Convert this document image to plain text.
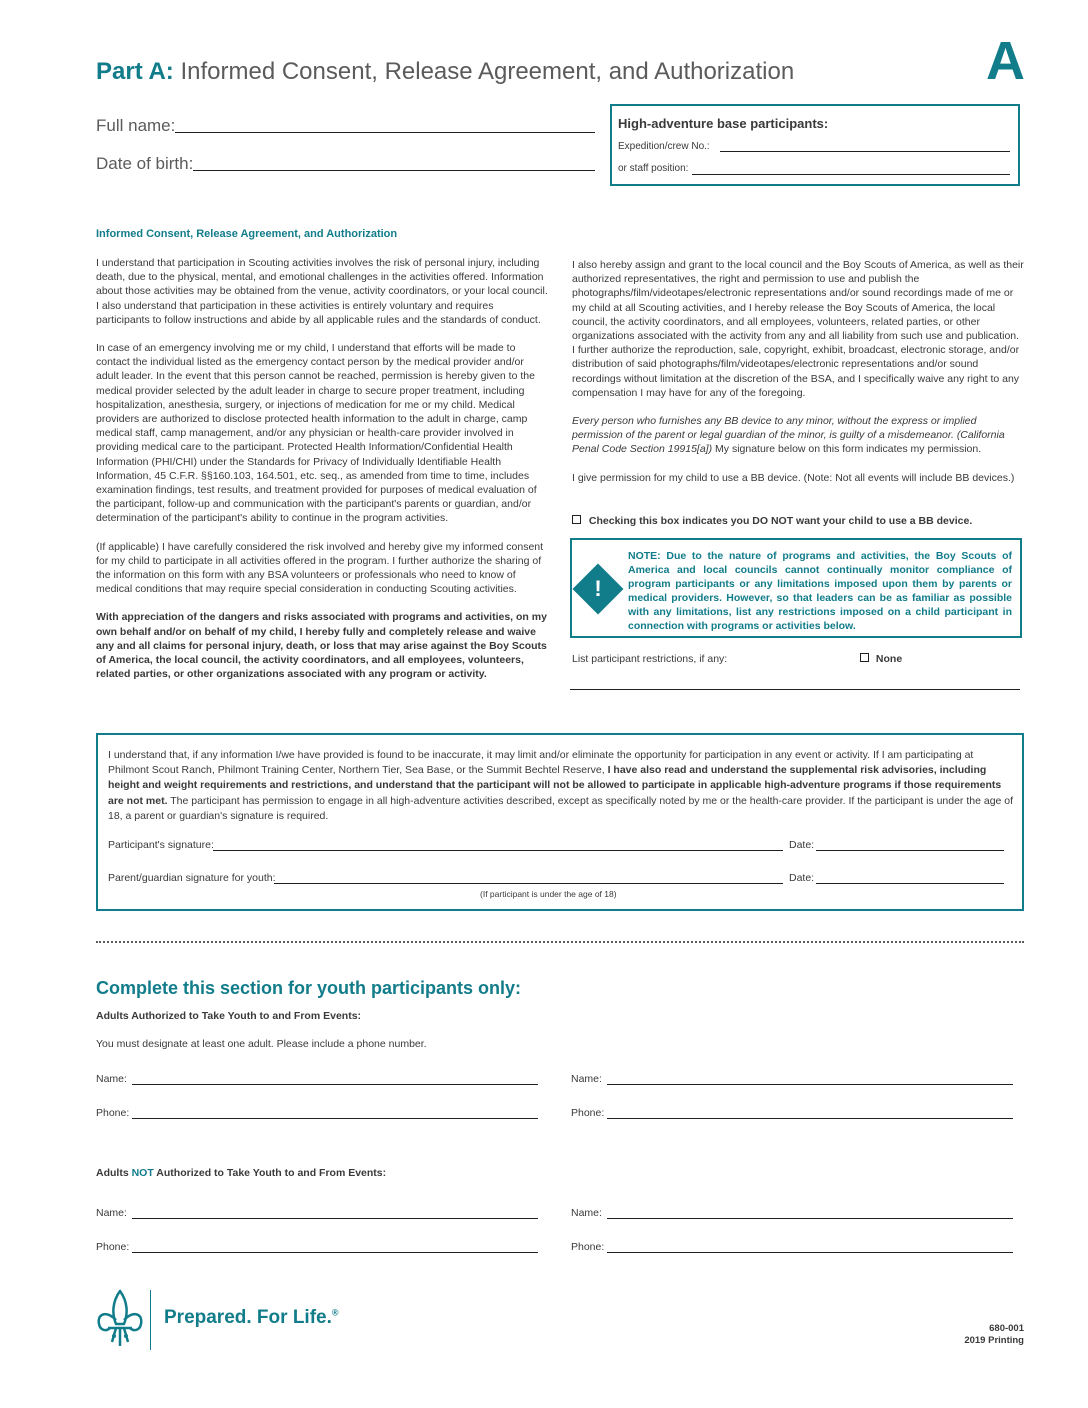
Part A: Informed Consent, Release Agreement, and Authorization	A
Full name:
Date of birth:
High-adventure base participants:
Expedition/crew No.:
or staff position:
Informed Consent, Release Agreement, and Authorization

I understand that participation in Scouting activities involves the risk of personal injury, including death, due to the physical, mental, and emotional challenges in the activities offered. Information about those activities may be obtained from the venue, activity coordinators, or your local council. I also understand that participation in these activities is entirely voluntary and requires participants to follow instructions and abide by all applicable rules and the standards of conduct.

In case of an emergency involving me or my child, I understand that efforts will be made to contact the individual listed as the emergency contact person by the medical provider and/or adult leader. In the event that this person cannot be reached, permission is hereby given to the medical provider selected by the adult leader in charge to secure proper treatment, including hospitalization, anesthesia, surgery, or injections of medication for me or my child. Medical providers are authorized to disclose protected health information to the adult in charge, camp medical staff, camp management, and/or any physician or health-care provider involved in providing medical care to the participant. Protected Health Information/Confidential Health Information (PHI/CHI) under the Standards for Privacy of Individually Identifiable Health Information, 45 C.F.R. §§160.103, 164.501, etc. seq., as amended from time to time, includes examination findings, test results, and treatment provided for purposes of medical evaluation of the participant, follow-up and communication with the participant's parents or guardian, and/or determination of the participant's ability to continue in the program activities.

(If applicable) I have carefully considered the risk involved and hereby give my informed consent for my child to participate in all activities offered in the program. I further authorize the sharing of the information on this form with any BSA volunteers or professionals who need to know of medical conditions that may require special consideration in conducting Scouting activities.

With appreciation of the dangers and risks associated with programs and activities, on my own behalf and/or on behalf of my child, I hereby fully and completely release and waive any and all claims for personal injury, death, or loss that may arise against the Boy Scouts of America, the local council, the activity coordinators, and all employees, volunteers, related parties, or other organizations associated with any program or activity.

I also hereby assign and grant to the local council and the Boy Scouts of America, as well as their authorized representatives, the right and permission to use and publish the photographs/film/videotapes/electronic representations and/or sound recordings made of me or my child at all Scouting activities, and I hereby release the Boy Scouts of America, the local council, the activity coordinators, and all employees, volunteers, related parties, or other organizations associated with the activity from any and all liability from such use and publication. I further authorize the reproduction, sale, copyright, exhibit, broadcast, electronic storage, and/or distribution of said photographs/film/videotapes/electronic representations and/or sound recordings without limitation at the discretion of the BSA, and I specifically waive any right to any compensation I may have for any of the foregoing.

Every person who furnishes any BB device to any minor, without the express or implied permission of the parent or legal guardian of the minor, is guilty of a misdemeanor. (California Penal Code Section 19915[a]) My signature below on this form indicates my permission.

I give permission for my child to use a BB device. (Note: Not all events will include BB devices.)

Checking this box indicates you DO NOT want your child to use a BB device.
!
NOTE: Due to the nature of programs and activities, the Boy Scouts of America and local councils cannot continually monitor compliance of program participants or any limitations imposed upon them by parents or medical providers. However, so that leaders can be as familiar as possible with any limitations, list any restrictions imposed on a child participant in connection with programs or activities below.
List participant restrictions, if any:	None
I understand that, if any information I/we have provided is found to be inaccurate, it may limit and/or eliminate the opportunity for participation in any event or activity. If I am participating at Philmont Scout Ranch, Philmont Training Center, Northern Tier, Sea Base, or the Summit Bechtel Reserve, I have also read and understand the supplemental risk advisories, including height and weight requirements and restrictions, and understand that the participant will not be allowed to participate in applicable high-adventure programs if those requirements are not met. The participant has permission to engage in all high-adventure activities described, except as specifically noted by me or the health-care provider. If the participant is under the age of 18, a parent or guardian's signature is required.
Participant's signature:	Date:
Parent/guardian signature for youth:	Date:
(If participant is under the age of 18)
Complete this section for youth participants only:
Adults Authorized to Take Youth to and From Events:
You must designate at least one adult. Please include a phone number.
Name:	Name:
Phone:	Phone:
Adults NOT Authorized to Take Youth to and From Events:
Name:	Name:
Phone:	Phone:
Prepared. For Life.®
680-001
2019 Printing
